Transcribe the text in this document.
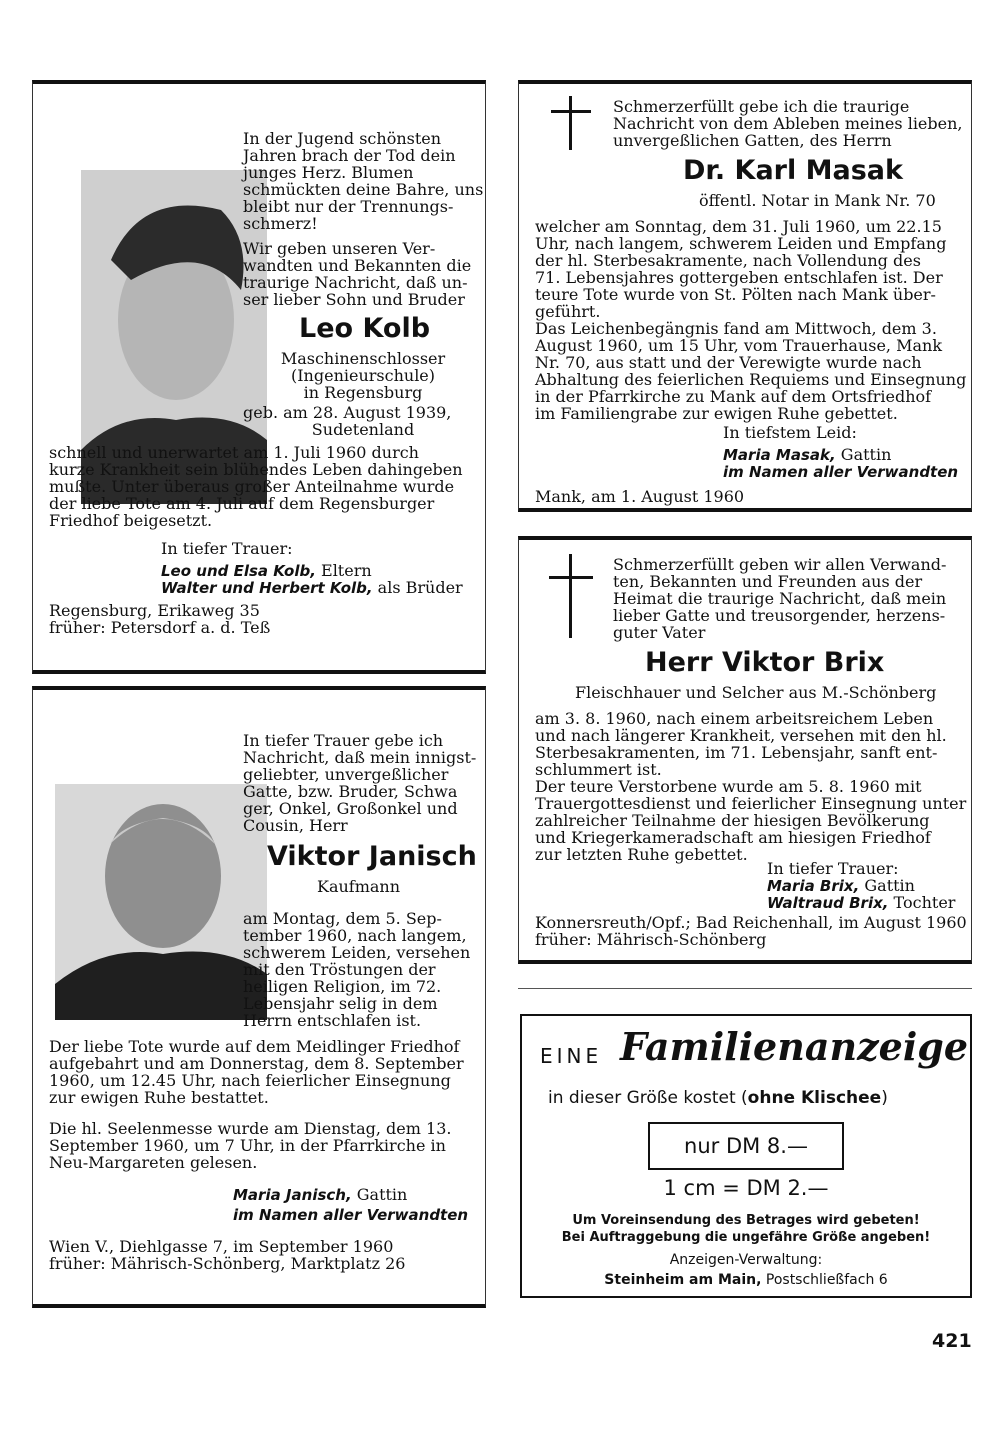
In der Jugend schönsten
Jahren brach der Tod dein
junges Herz. Blumen
schmückten deine Bahre, uns
bleibt nur der Trennungs-
schmerz!
Wir geben unseren Ver-
wandten und Bekannten die
traurige Nachricht, daß un-
ser lieber Sohn und Bruder
Leo Kolb
Maschinenschlosser
(Ingenieurschule)
in Regensburg
geb. am 28. August 1939,
Sudetenland
schnell und unerwartet am 1. Juli 1960 durch
kurze Krankheit sein blühendes Leben dahingeben
mußte. Unter überaus großer Anteilnahme wurde
der liebe Tote am 4. Juli auf dem Regensburger
Friedhof beigesetzt.
In tiefer Trauer:
Leo und Elsa Kolb, Eltern
Walter und Herbert Kolb, als Brüder
Regensburg, Erikaweg 35
früher: Petersdorf a. d. Teß
Schmerzerfüllt gebe ich die traurige
Nachricht von dem Ableben meines lieben,
unvergeßlichen Gatten, des Herrn
Dr. Karl Masak
öffentl. Notar in Mank Nr. 70
welcher am Sonntag, dem 31. Juli 1960, um 22.15
Uhr, nach langem, schwerem Leiden und Empfang
der hl. Sterbesakramente, nach Vollendung des
71. Lebensjahres gottergeben entschlafen ist. Der
teure Tote wurde von St. Pölten nach Mank über-
geführt.
Das Leichenbegängnis fand am Mittwoch, dem 3.
August 1960, um 15 Uhr, vom Trauerhause, Mank
Nr. 70, aus statt und der Verewigte wurde nach
Abhaltung des feierlichen Requiems und Einsegnung
in der Pfarrkirche zu Mank auf dem Ortsfriedhof
im Familiengrabe zur ewigen Ruhe gebettet.
In tiefstem Leid:
Maria Masak, Gattin
im Namen aller Verwandten
Mank, am 1. August 1960
Schmerzerfüllt geben wir allen Verwand-
ten, Bekannten und Freunden aus der
Heimat die traurige Nachricht, daß mein
lieber Gatte und treusorgender, herzens-
guter Vater
Herr Viktor Brix
Fleischhauer und Selcher aus M.-Schönberg
am 3. 8. 1960, nach einem arbeitsreichem Leben
und nach längerer Krankheit, versehen mit den hl.
Sterbesakramenten, im 71. Lebensjahr, sanft ent-
schlummert ist.
Der teure Verstorbene wurde am 5. 8. 1960 mit
Trauergottesdienst und feierlicher Einsegnung unter
zahlreicher Teilnahme der hiesigen Bevölkerung
und Kriegerkameradschaft am hiesigen Friedhof
zur letzten Ruhe gebettet.
In tiefer Trauer:
Maria Brix, Gattin
Waltraud Brix, Tochter
Konnersreuth/Opf.; Bad Reichenhall, im August 1960
früher: Mährisch-Schönberg
In tiefer Trauer gebe ich
Nachricht, daß mein innigst-
geliebter, unvergeßlicher
Gatte, bzw. Bruder, Schwa
ger, Onkel, Großonkel und
Cousin, Herr
Viktor Janisch
Kaufmann
am Montag, dem 5. Sep-
tember 1960, nach langem,
schwerem Leiden, versehen
mit den Tröstungen der
heiligen Religion, im 72.
Lebensjahr selig in dem
Herrn entschlafen ist.
Der liebe Tote wurde auf dem Meidlinger Friedhof
aufgebahrt und am Donnerstag, dem 8. September
1960, um 12.45 Uhr, nach feierlicher Einsegnung
zur ewigen Ruhe bestattet.
Die hl. Seelenmesse wurde am Dienstag, dem 13.
September 1960, um 7 Uhr, in der Pfarrkirche in
Neu-Margareten gelesen.
Maria Janisch, Gattin
im Namen aller Verwandten
Wien V., Diehlgasse 7, im September 1960
früher: Mährisch-Schönberg, Marktplatz 26
EINE Familienanzeige
in dieser Größe kostet (ohne Klischee)
nur DM 8.—
1 cm = DM 2.—
Um Voreinsendung des Betrages wird gebeten!
Bei Auftraggebung die ungefähre Größe angeben!
Anzeigen-Verwaltung:
Steinheim am Main, Postschließfach 6
421
